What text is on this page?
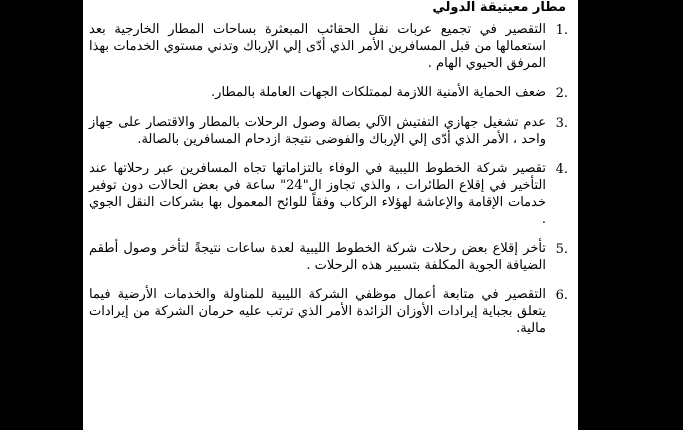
مطار معيتيقة الدولي
.1
التقصير في تجميع عربات نقل الحقائب المبعثرة بساحات المطار الخارجية بعد استعمالها من قبل المسافرين الأمر الذي أدّى إلي الإرباك وتدني مستوي الخدمات بهذا المرفق الحيوي الهام .
.2
ضعف الحماية الأمنية اللازمة لممتلكات الجهات العاملة بالمطار.
.3
عدم تشغيل جهازي التفتيش الآلي بصالة وصول الرحلات بالمطار والاقتصار على جهاز واحد ، الأمر الذي أدّى إلي الإرباك والفوضى نتيجة ازدحام المسافرين بالصالة.
.4
تقصير شركة الخطوط الليبية في الوفاء بالتزاماتها تجاه المسافرين عبر رحلاتها عند التأخير في إقلاع الطائرات ، والذي تجاوز ال"24" ساعة في بعض الحالات دون توفير خدمات الإقامة والإعاشة لهؤلاء الركاب وفقاً للوائح المعمول بها بشركات النقل الجوي .
.5
تأخر إقلاع بعض رحلات شركة الخطوط الليبية لعدة ساعات نتيجةً لتأخر وصول أطقم الضيافة الجوية المكلفة بتسيير هذه الرحلات .
.6
التقصير في متابعة أعمال موظفي الشركة الليبية للمناولة والخدمات الأرضية فيما يتعلق بجباية إيرادات الأوزان الزائدة الأمر الذي ترتب عليه حرمان الشركة من إيرادات مالية.
